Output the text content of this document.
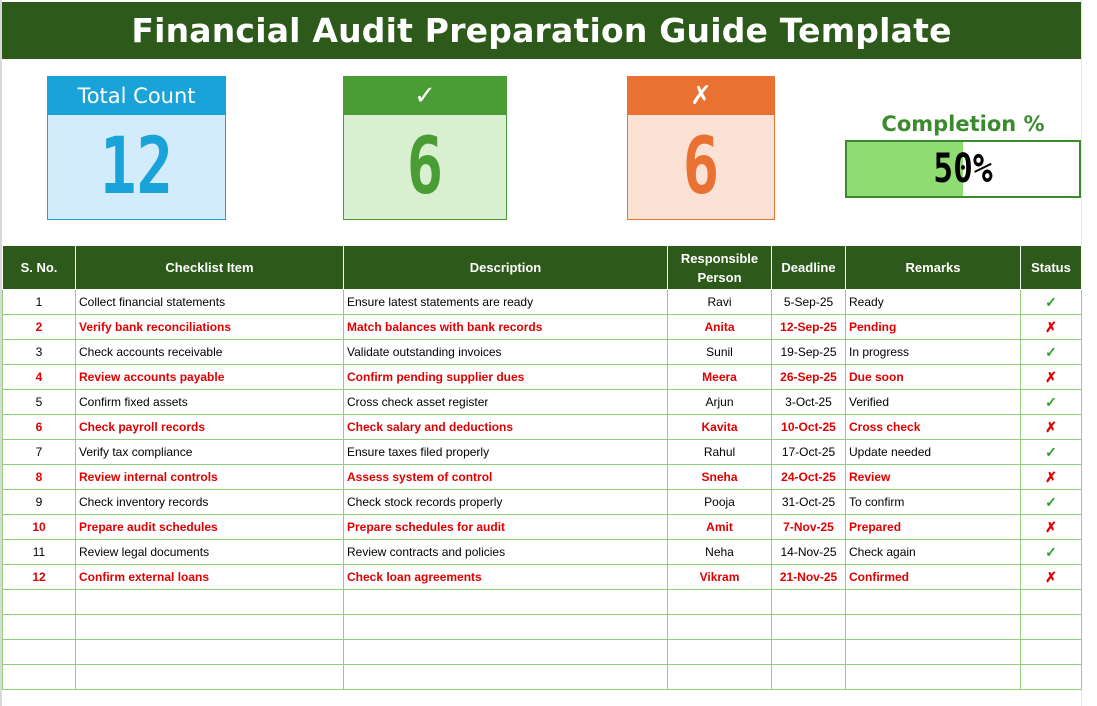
Financial Audit Preparation Guide Template
Total Count
12
✓
6
✗
6	Completion %
50%
S. No.	Checklist Item	Description	Responsible Person	Deadline	Remarks	Status
1	Collect financial statements	Ensure latest statements are ready	Ravi	5-Sep-25	Ready	✓
2	Verify bank reconciliations	Match balances with bank records	Anita	12-Sep-25	Pending	✗
3	Check accounts receivable	Validate outstanding invoices	Sunil	19-Sep-25	In progress	✓
4	Review accounts payable	Confirm pending supplier dues	Meera	26-Sep-25	Due soon	✗
5	Confirm fixed assets	Cross check asset register	Arjun	3-Oct-25	Verified	✓
6	Check payroll records	Check salary and deductions	Kavita	10-Oct-25	Cross check	✗
7	Verify tax compliance	Ensure taxes filed properly	Rahul	17-Oct-25	Update needed	✓
8	Review internal controls	Assess system of control	Sneha	24-Oct-25	Review	✗
9	Check inventory records	Check stock records properly	Pooja	31-Oct-25	To confirm	✓
10	Prepare audit schedules	Prepare schedules for audit	Amit	7-Nov-25	Prepared	✗
11	Review legal documents	Review contracts and policies	Neha	14-Nov-25	Check again	✓
12	Confirm external loans	Check loan agreements	Vikram	21-Nov-25	Confirmed	✗
